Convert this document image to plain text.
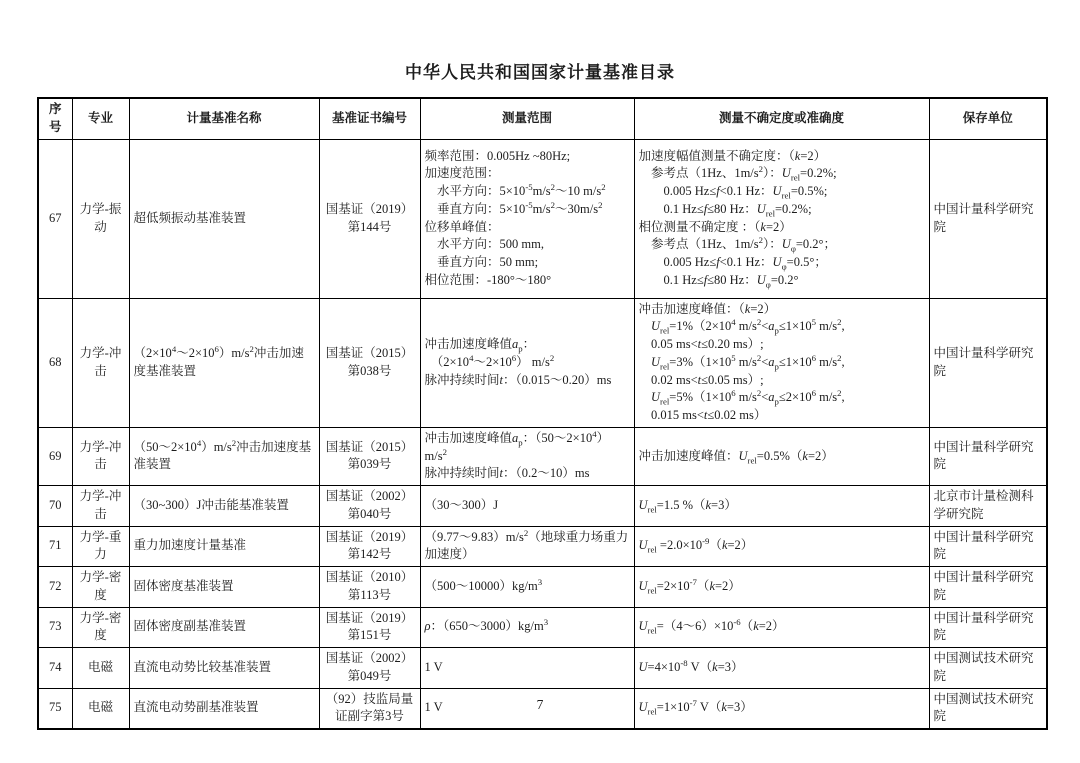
中华人民共和国国家计量基准目录
序号	专业	计量基准名称	基准证书编号	测量范围	测量不确定度或准确度	保存单位
67	力学-振动	超低频振动基准装置	国基证（2019）
第144号	频率范围：0.005Hz ~80Hz;
加速度范围：
　水平方向：$5\times 10^{-5}m/s^2\sim 10$ $m/s^2$
　垂直方向：$5\times 10^{-5}m/s^2\sim 30m/s^2$
位移单峰值：
　水平方向：500 mm,
　垂直方向：50 mm;
相位范围：-180°～180°	加速度幅值测量不确定度：（k=2）
　参考点（1Hz、$1m/s^2$）：$U_{rel}=0.2\%$;
　　0.005 Hz≤f<0.1 Hz：$U_{rel}=0.5\%$;
　　0.1 Hz≤f≤80 Hz：$U_{rel}=0.2\%$;
相位测量不确定度 ：（k=2）
　参考点（1Hz、$1m/s^2$）：$U_\varphi=0.2^\circ$；
　　0.005 Hz≤f<0.1 Hz：$U_\varphi=0.5^\circ$；
　　0.1 Hz≤f≤80 Hz：$U_\varphi=0.2^\circ$	中国计量科学研究院
68	力学-冲击	$(2\times 10^4\sim 2\times 10^6)m/s^2$冲击加速度基准装置	国基证（2015）
第038号	冲击加速度峰值$a_p$：
　$(2\times 10^4\sim 2\times 10^6)$ $m/s^2$
脉冲持续时间t：（0.015～0.20）ms	冲击加速度峰值：（k=2）
　$U_{rel}=1\%(2\times 10^4$ $m/s^2<a_p\le 1\times 10^5$ $m/s^2$,
　0.05 ms<t≤0.20 ms）;
　$U_{rel}=3\%(1\times 10^5$ $m/s^2<a_p\le 1\times 10^6$ $m/s^2$,
　0.02 ms<t≤0.05 ms）;
　$U_{rel}=5\%(1\times 10^6$ $m/s^2<a_p\le 2\times 10^6$ $m/s^2$,
　0.015 ms<t≤0.02 ms）	中国计量科学研究院
69	力学-冲击	$(50\sim 2\times 10^4)m/s^2$冲击加速度基准装置	国基证（2015）
第039号	冲击加速度峰值$a_p$：$(50\sim 2\times 10^4)m/s^2$
脉冲持续时间t：（0.2～10）ms	冲击加速度峰值：$U_{rel}=0.5\%(k=2)$	中国计量科学研究院
70	力学-冲击	（30~300）J冲击能基准装置	国基证（2002）
第040号	（30～300）J	$U_{rel}=1.5$ %（k=3）	北京市计量检测科学研究院
71	力学-重力	重力加速度计量基准	国基证（2019）
第142号	$(9.77\sim 9.83)m/s^2$（地球重力场重力加速度）	$U_{rel} =2.0\times 10^{-9}(k=2)$	中国计量科学研究院
72	力学-密度	固体密度基准装置	国基证（2010）
第113号	$(500\sim 10000)kg/m^3$	$U_{rel}=2\times 10^{-7}(k=2)$	中国计量科学研究院
73	力学-密度	固体密度副基准装置	国基证（2019）
第151号	ρ：$(650\sim 3000)kg/m^3$	$U_{rel}=(4\sim 6)\times 10^{-6}(k=2)$	中国计量科学研究院
74	电磁	直流电动势比较基准装置	国基证（2002）
第049号	1 V	$U=4\times 10^{-8}$ V（k=3）	中国测试技术研究院
75	电磁	直流电动势副基准装置	（92）技监局量
证副字第3号	1 V	$U_{rel}=1\times 10^{-7}$ V（k=3）	中国测试技术研究院
7
